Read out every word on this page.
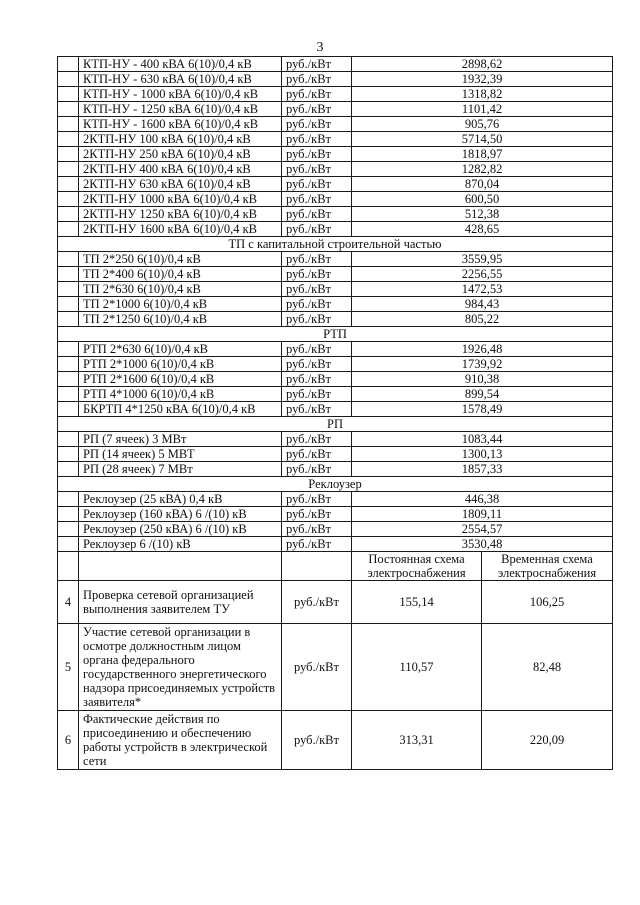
3
	КТП-НУ - 400 кВА 6(10)/0,4 кВ	руб./кВт	2898,62	
	КТП-НУ - 630 кВА 6(10)/0,4 кВ	руб./кВт	1932,39	
	КТП-НУ - 1000 кВА 6(10)/0,4 кВ	руб./кВт	1318,82	
	КТП-НУ - 1250 кВА 6(10)/0,4 кВ	руб./кВт	1101,42	
	КТП-НУ - 1600 кВА 6(10)/0,4 кВ	руб./кВт	905,76	
	2КТП-НУ 100 кВА 6(10)/0,4 кВ	руб./кВт	5714,50	
	2КТП-НУ 250 кВА 6(10)/0,4 кВ	руб./кВт	1818,97	
	2КТП-НУ 400 кВА 6(10)/0,4 кВ	руб./кВт	1282,82	
	2КТП-НУ 630 кВА 6(10)/0,4 кВ	руб./кВт	870,04	
	2КТП-НУ 1000 кВА 6(10)/0,4 кВ	руб./кВт	600,50	
	2КТП-НУ 1250 кВА 6(10)/0,4 кВ	руб./кВт	512,38	
	2КТП-НУ 1600 кВА 6(10)/0,4 кВ	руб./кВт	428,65	
ТП с капитальной строительной частью				
	ТП 2*250 6(10)/0,4 кВ	руб./кВт	3559,95	
	ТП 2*400 6(10)/0,4 кВ	руб./кВт	2256,55	
	ТП 2*630 6(10)/0,4 кВ	руб./кВт	1472,53	
	ТП 2*1000 6(10)/0,4 кВ	руб./кВт	984,43	
	ТП 2*1250 6(10)/0,4 кВ	руб./кВт	805,22	
РТП				
	РТП 2*630 6(10)/0,4 кВ	руб./кВт	1926,48	
	РТП 2*1000 6(10)/0,4 кВ	руб./кВт	1739,92	
	РТП 2*1600 6(10)/0,4 кВ	руб./кВт	910,38	
	РТП 4*1000 6(10)/0,4 кВ	руб./кВт	899,54	
	БКРТП 4*1250 кВА 6(10)/0,4 кВ	руб./кВт	1578,49	
РП				
	РП (7 ячеек) 3 МВт	руб./кВт	1083,44	
	РП (14 ячеек) 5 МВТ	руб./кВт	1300,13	
	РП (28 ячеек) 7 МВт	руб./кВт	1857,33	
Реклоузер				
	Реклоузер (25 кВА) 0,4 кВ	руб./кВт	446,38	
	Реклоузер (160 кВА) 6 /(10) кВ	руб./кВт	1809,11	
	Реклоузер (250 кВА) 6 /(10) кВ	руб./кВт	2554,57	
	Реклоузер 6 /(10) кВ	руб./кВт	3530,48	
			Постоянная схема электроснабжения	Временная схема электроснабжения
4	Проверка сетевой организацией выполнения заявителем ТУ	руб./кВт	155,14	106,25
5	Участие сетевой организации в осмотре должностным лицом органа федерального государственного энергетического надзора присоединяемых устройств заявителя*	руб./кВт	110,57	82,48
6	Фактические действия по присоединению и обеспечению работы устройств в электрической сети	руб./кВт	313,31	220,09
